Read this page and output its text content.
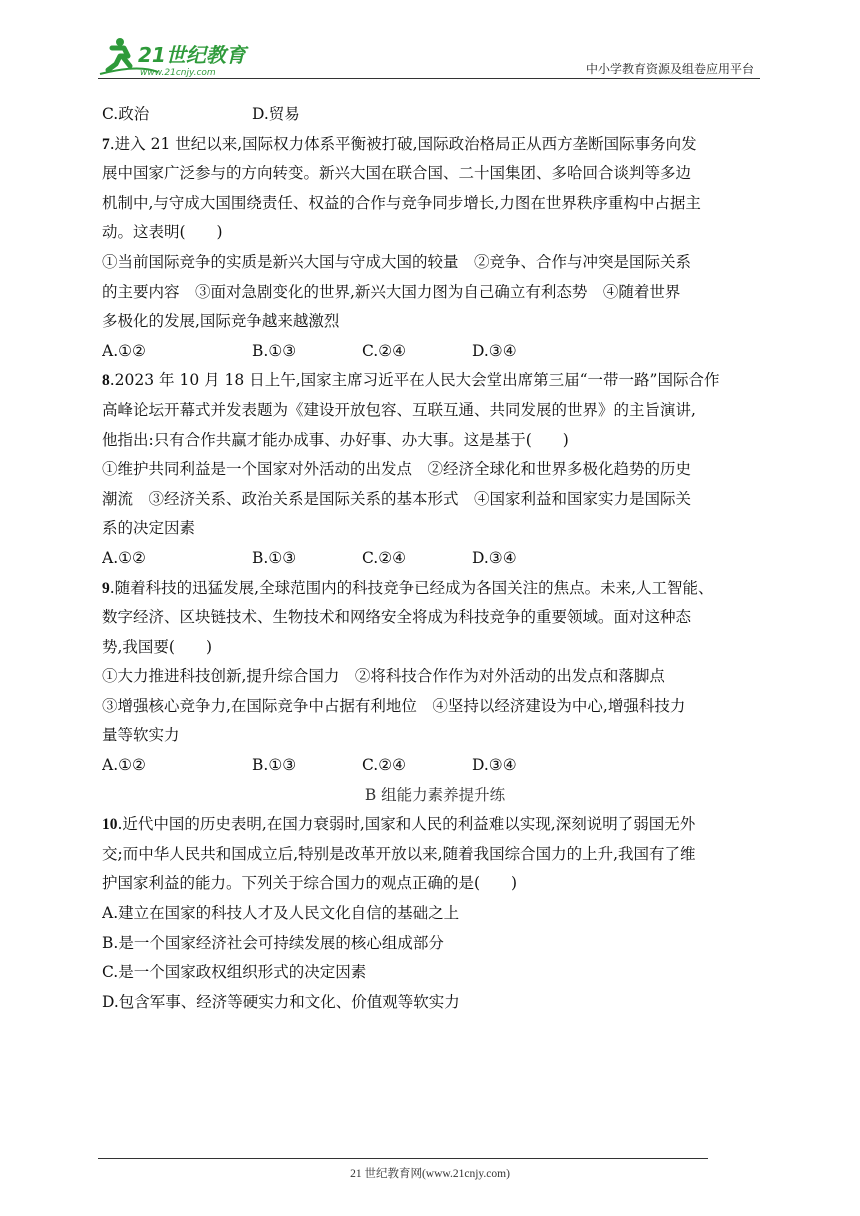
21世纪教育
www.21cnjy.com	中小学教育资源及组卷应用平台
C.政治	D.贸易
7.进入 21 世纪以来,国际权力体系平衡被打破,国际政治格局正从西方垄断国际事务向发
展中国家广泛参与的方向转变。新兴大国在联合国、二十国集团、多哈回合谈判等多边
机制中,与守成大国围绕责任、权益的合作与竞争同步增长,力图在世界秩序重构中占据主
动。这表明(　　)
①当前国际竞争的实质是新兴大国与守成大国的较量　②竞争、合作与冲突是国际关系
的主要内容　③面对急剧变化的世界,新兴大国力图为自己确立有利态势　④随着世界
多极化的发展,国际竞争越来越激烈
A.①②	B.①③	C.②④	D.③④
8.2023 年 10 月 18 日上午,国家主席习近平在人民大会堂出席第三届“一带一路”国际合作
高峰论坛开幕式并发表题为《建设开放包容、互联互通、共同发展的世界》的主旨演讲,
他指出:只有合作共赢才能办成事、办好事、办大事。这是基于(　　)
①维护共同利益是一个国家对外活动的出发点　②经济全球化和世界多极化趋势的历史
潮流　③经济关系、政治关系是国际关系的基本形式　④国家利益和国家实力是国际关
系的决定因素
A.①②	B.①③	C.②④	D.③④
9.随着科技的迅猛发展,全球范围内的科技竞争已经成为各国关注的焦点。未来,人工智能、
数字经济、区块链技术、生物技术和网络安全将成为科技竞争的重要领域。面对这种态
势,我国要(　　)
①大力推进科技创新,提升综合国力　②将科技合作作为对外活动的出发点和落脚点
③增强核心竞争力,在国际竞争中占据有利地位　④坚持以经济建设为中心,增强科技力
量等软实力
A.①②	B.①③	C.②④	D.③④
B 组能力素养提升练
10.近代中国的历史表明,在国力衰弱时,国家和人民的利益难以实现,深刻说明了弱国无外
交;而中华人民共和国成立后,特别是改革开放以来,随着我国综合国力的上升,我国有了维
护国家利益的能力。下列关于综合国力的观点正确的是(　　)
A.建立在国家的科技人才及人民文化自信的基础之上
B.是一个国家经济社会可持续发展的核心组成部分
C.是一个国家政权组织形式的决定因素
D.包含军事、经济等硬实力和文化、价值观等软实力
21 世纪教育网(www.21cnjy.com)
